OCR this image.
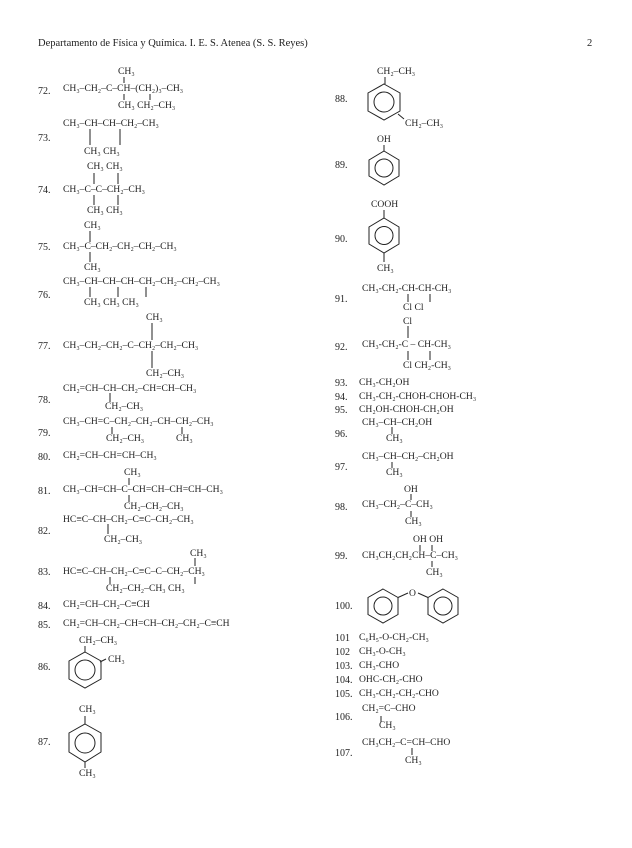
Departamento de Física y Química. I. E. S. Atenea (S. S. Reyes)	2
72.
CH₃
CH₃–CH₂–C–CH–(CH₂)₃–CH₃
CH₃ CH₂–CH₃
73.
CH₃–CH–CH–CH₂–CH₃
CH₃ CH₃
74.
CH₃ CH₃
CH₃–C–C–CH₂–CH₃
CH₃ CH₃
75.
CH₃
CH₃–C–CH₂–CH₂–CH₂–CH₃
CH₃
76.
CH₃–CH–CH–CH–CH₂–CH₂–CH₂–CH₃
CH₃ CH₃ CH₃
77.
CH₃
CH₃–CH₂–CH₂–C–CH₂–CH₂–CH₃
CH₂–CH₃
78.
CH₂=CH–CH–CH₂–CH=CH–CH₃
CH₂–CH₃
79.
CH₃–CH=C–CH₂–CH₂–CH–CH₂–CH₃
CH₂–CH₃	CH₃
80. CH₂=CH–CH=CH–CH₃
81.
CH₃
CH₃–CH=CH–C–CH=CH–CH=CH–CH₃
CH₂–CH₂–CH₃
82.
HC≡C–CH–CH₂–C≡C–CH₂–CH₃
CH₂–CH₃
83.
CH₃
HC≡C–CH–CH₂–C≡C–C–CH₂–CH₃
CH₂–CH₂–CH₃ CH₃
84. CH₂=CH–CH₂–C≡CH
85. CH₂=CH–CH₂–CH=CH–CH₂–CH₂–C≡CH
86.
CH₂–CH₃
CH₃
87.
CH₃
CH₃
88.
CH₂–CH₃
CH₂–CH₃
89.
OH
90.
COOH
CH₃
91.
CH₃-CH₂-CH-CH-CH₃
Cl Cl
92.
Cl
CH₃-CH₂-C – CH-CH₃
Cl CH₂-CH₃
93. CH₃-CH₂OH
94. CH₃-CH₂-CHOH-CHOH-CH₃
95. CH₂OH-CHOH-CH₂OH
96.
CH₃–CH–CH₂OH
CH₃
97.
CH₃–CH–CH₂–CH₂OH
CH₃
98.
OH
CH₃–CH₂–C–CH₃
CH₃
99.
OH OH
CH₃CH₂CH₂CH–C–CH₃
CH₃
100.
O
101 C₆H₅-O-CH₂-CH₃
102 CH₃-O-CH₃
103. CH₃-CHO
104. OHC-CH₂-CHO
105. CH₃-CH₂-CH₂-CHO
106.
CH₂=C–CHO
CH₃
107.
CH₃CH₂–C=CH–CHO
CH₃
